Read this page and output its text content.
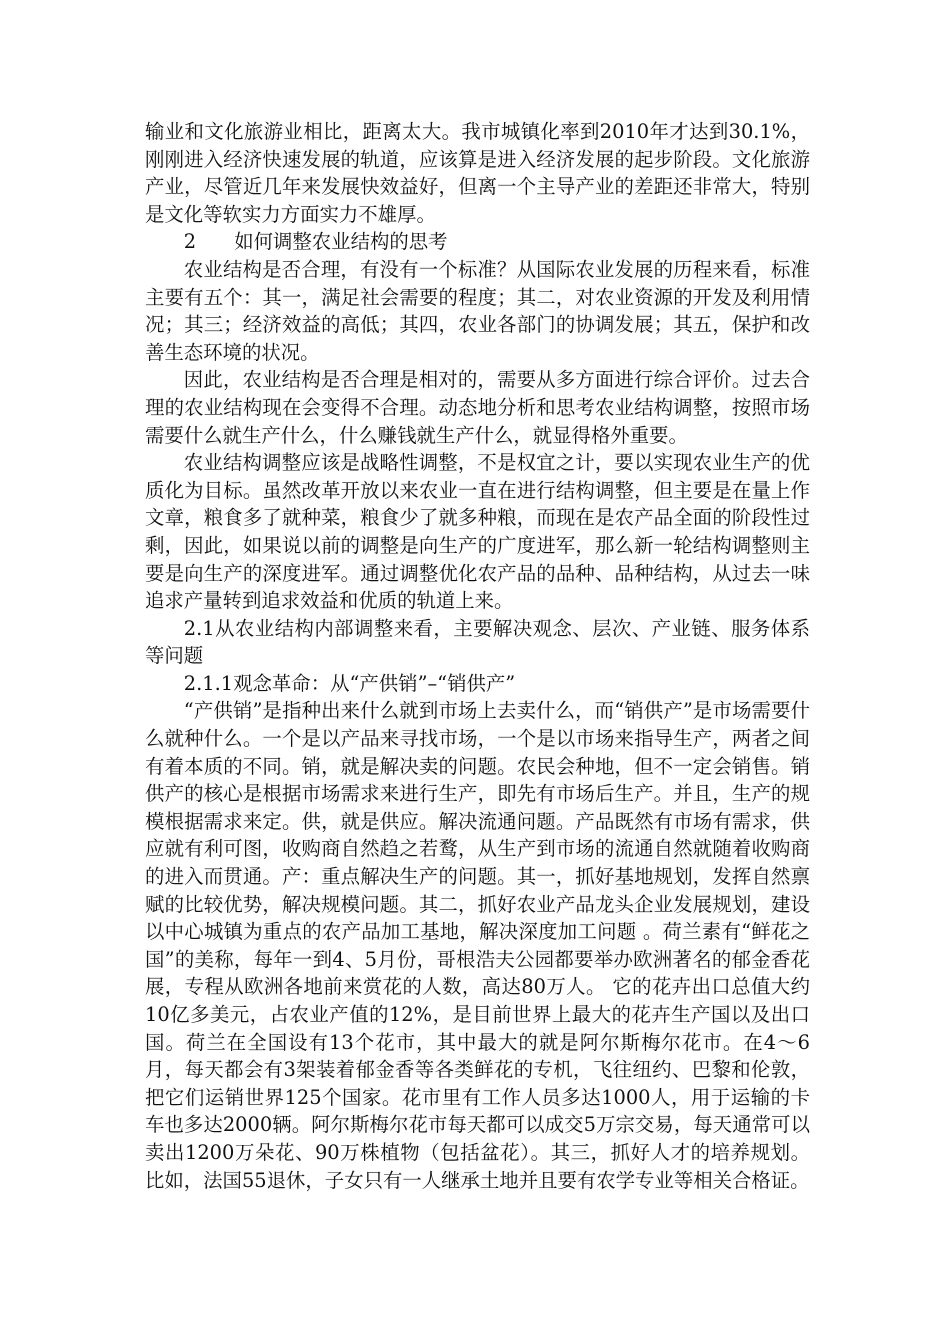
输业和文化旅游业相比，距离太大。我市城镇化率到2010年才达到30.1%，刚刚进入经济快速发展的轨道，应该算是进入经济发展的起步阶段。文化旅游产业，尽管近几年来发展快效益好，但离一个主导产业的差距还非常大，特别是文化等软实力方面实力不雄厚。

2 如何调整农业结构的思考

农业结构是否合理，有没有一个标准？从国际农业发展的历程来看，标准主要有五个：其一，满足社会需要的程度；其二，对农业资源的开发及利用情况；其三；经济效益的高低；其四，农业各部门的协调发展；其五，保护和改善生态环境的状况。

因此，农业结构是否合理是相对的，需要从多方面进行综合评价。过去合理的农业结构现在会变得不合理。动态地分析和思考农业结构调整，按照市场需要什么就生产什么，什么赚钱就生产什么，就显得格外重要。

农业结构调整应该是战略性调整，不是权宜之计，要以实现农业生产的优质化为目标。虽然改革开放以来农业一直在进行结构调整，但主要是在量上作文章，粮食多了就种菜，粮食少了就多种粮，而现在是农产品全面的阶段性过剩，因此，如果说以前的调整是向生产的广度进军，那么新一轮结构调整则主要是向生产的深度进军。通过调整优化农产品的品种、品种结构，从过去一味追求产量转到追求效益和优质的轨道上来。

2.1从农业结构内部调整来看，主要解决观念、层次、产业链、服务体系等问题

2.1.1观念革命：从“产供销”–“销供产”

“产供销”是指种出来什么就到市场上去卖什么，而“销供产”是市场需要什么就种什么。一个是以产品来寻找市场，一个是以市场来指导生产，两者之间有着本质的不同。销，就是解决卖的问题。农民会种地，但不一定会销售。销供产的核心是根据市场需求来进行生产，即先有市场后生产。并且，生产的规模根据需求来定。供，就是供应。解决流通问题。产品既然有市场有需求，供应就有利可图，收购商自然趋之若鹜，从生产到市场的流通自然就随着收购商的进入而贯通。产：重点解决生产的问题。其一，抓好基地规划，发挥自然禀赋的比较优势，解决规模问题。其二，抓好农业产品龙头企业发展规划，建设以中心城镇为重点的农产品加工基地，解决深度加工问题 。荷兰素有“鲜花之国”的美称，每年一到4、5月份，哥根浩夫公园都要举办欧洲著名的郁金香花展，专程从欧洲各地前来赏花的人数，高达80万人。 它的花卉出口总值大约10亿多美元，占农业产值的12%，是目前世界上最大的花卉生产国以及出口国。荷兰在全国设有13个花市，其中最大的就是阿尔斯梅尔花市。在4～6月，每天都会有3架装着郁金香等各类鲜花的专机，飞往纽约、巴黎和伦敦，把它们运销世界125个国家。花市里有工作人员多达1000人，用于运输的卡车也多达2000辆。阿尔斯梅尔花市每天都可以成交5万宗交易，每天通常可以卖出1200万朵花、90万株植物（包括盆花）。其三，抓好人才的培养规划。比如，法国55退休，子女只有一人继承土地并且要有农学专业等相关合格证。
